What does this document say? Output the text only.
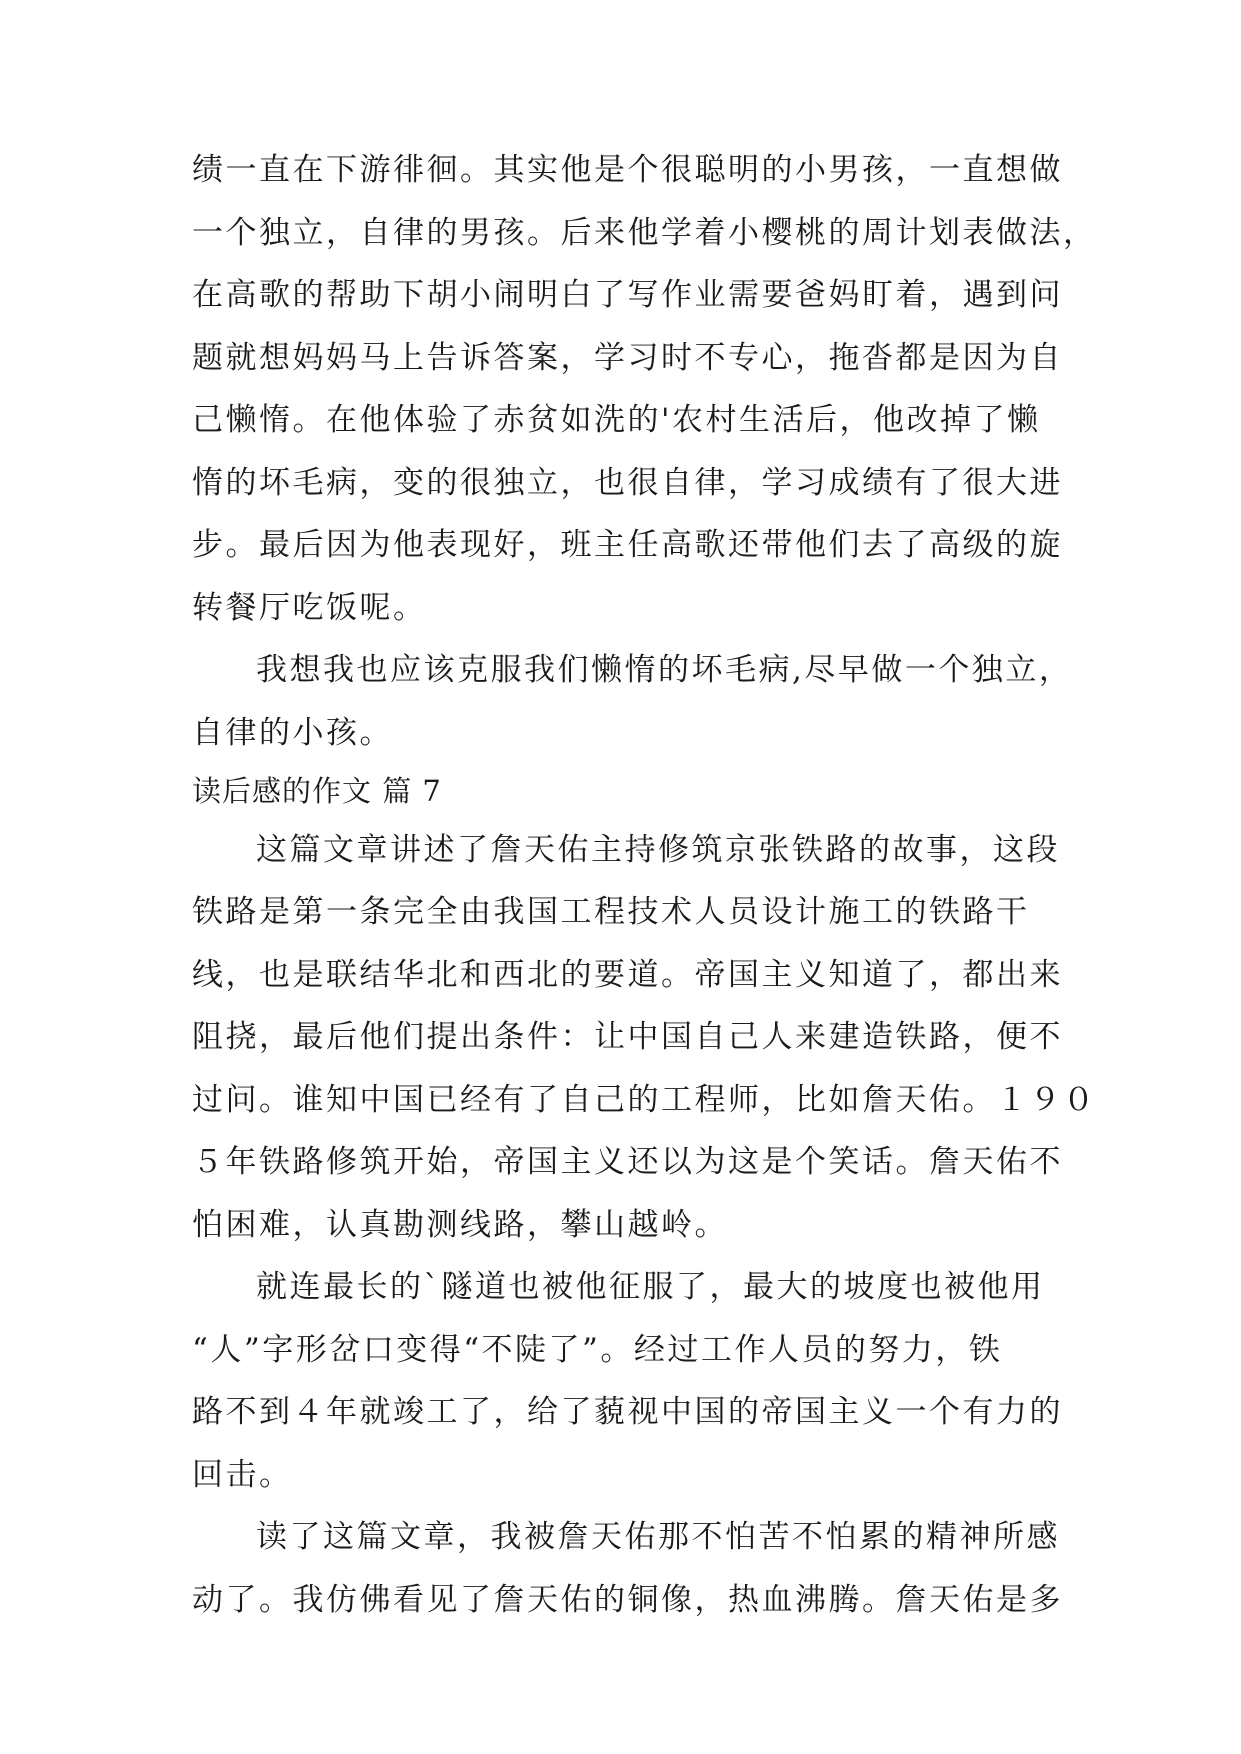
绩一直在下游徘徊。其实他是个很聪明的小男孩，一直想做
一个独立，自律的男孩。后来他学着小樱桃的周计划表做法，
在高歌的帮助下胡小闹明白了写作业需要爸妈盯着，遇到问
题就想妈妈马上告诉答案，学习时不专心，拖沓都是因为自
己懒惰。在他体验了赤贫如洗的'农村生活后，他改掉了懒
惰的坏毛病，变的很独立，也很自律，学习成绩有了很大进
步。最后因为他表现好，班主任高歌还带他们去了高级的旋
转餐厅吃饭呢。
我想我也应该克服我们懒惰的坏毛病,尽早做一个独立，
自律的小孩。
读后感的作文 篇 7
这篇文章讲述了詹天佑主持修筑京张铁路的故事，这段
铁路是第一条完全由我国工程技术人员设计施工的铁路干
线，也是联结华北和西北的要道。帝国主义知道了，都出来
阻挠，最后他们提出条件：让中国自己人来建造铁路，便不
过问。谁知中国已经有了自己的工程师，比如詹天佑。１９０
５年铁路修筑开始，帝国主义还以为这是个笑话。詹天佑不
怕困难，认真勘测线路，攀山越岭。
就连最长的`隧道也被他征服了，最大的坡度也被他用
“人”字形岔口变得“不陡了”。经过工作人员的努力，铁
路不到４年就竣工了，给了藐视中国的帝国主义一个有力的
回击。
读了这篇文章，我被詹天佑那不怕苦不怕累的精神所感
动了。我仿佛看见了詹天佑的铜像，热血沸腾。詹天佑是多
